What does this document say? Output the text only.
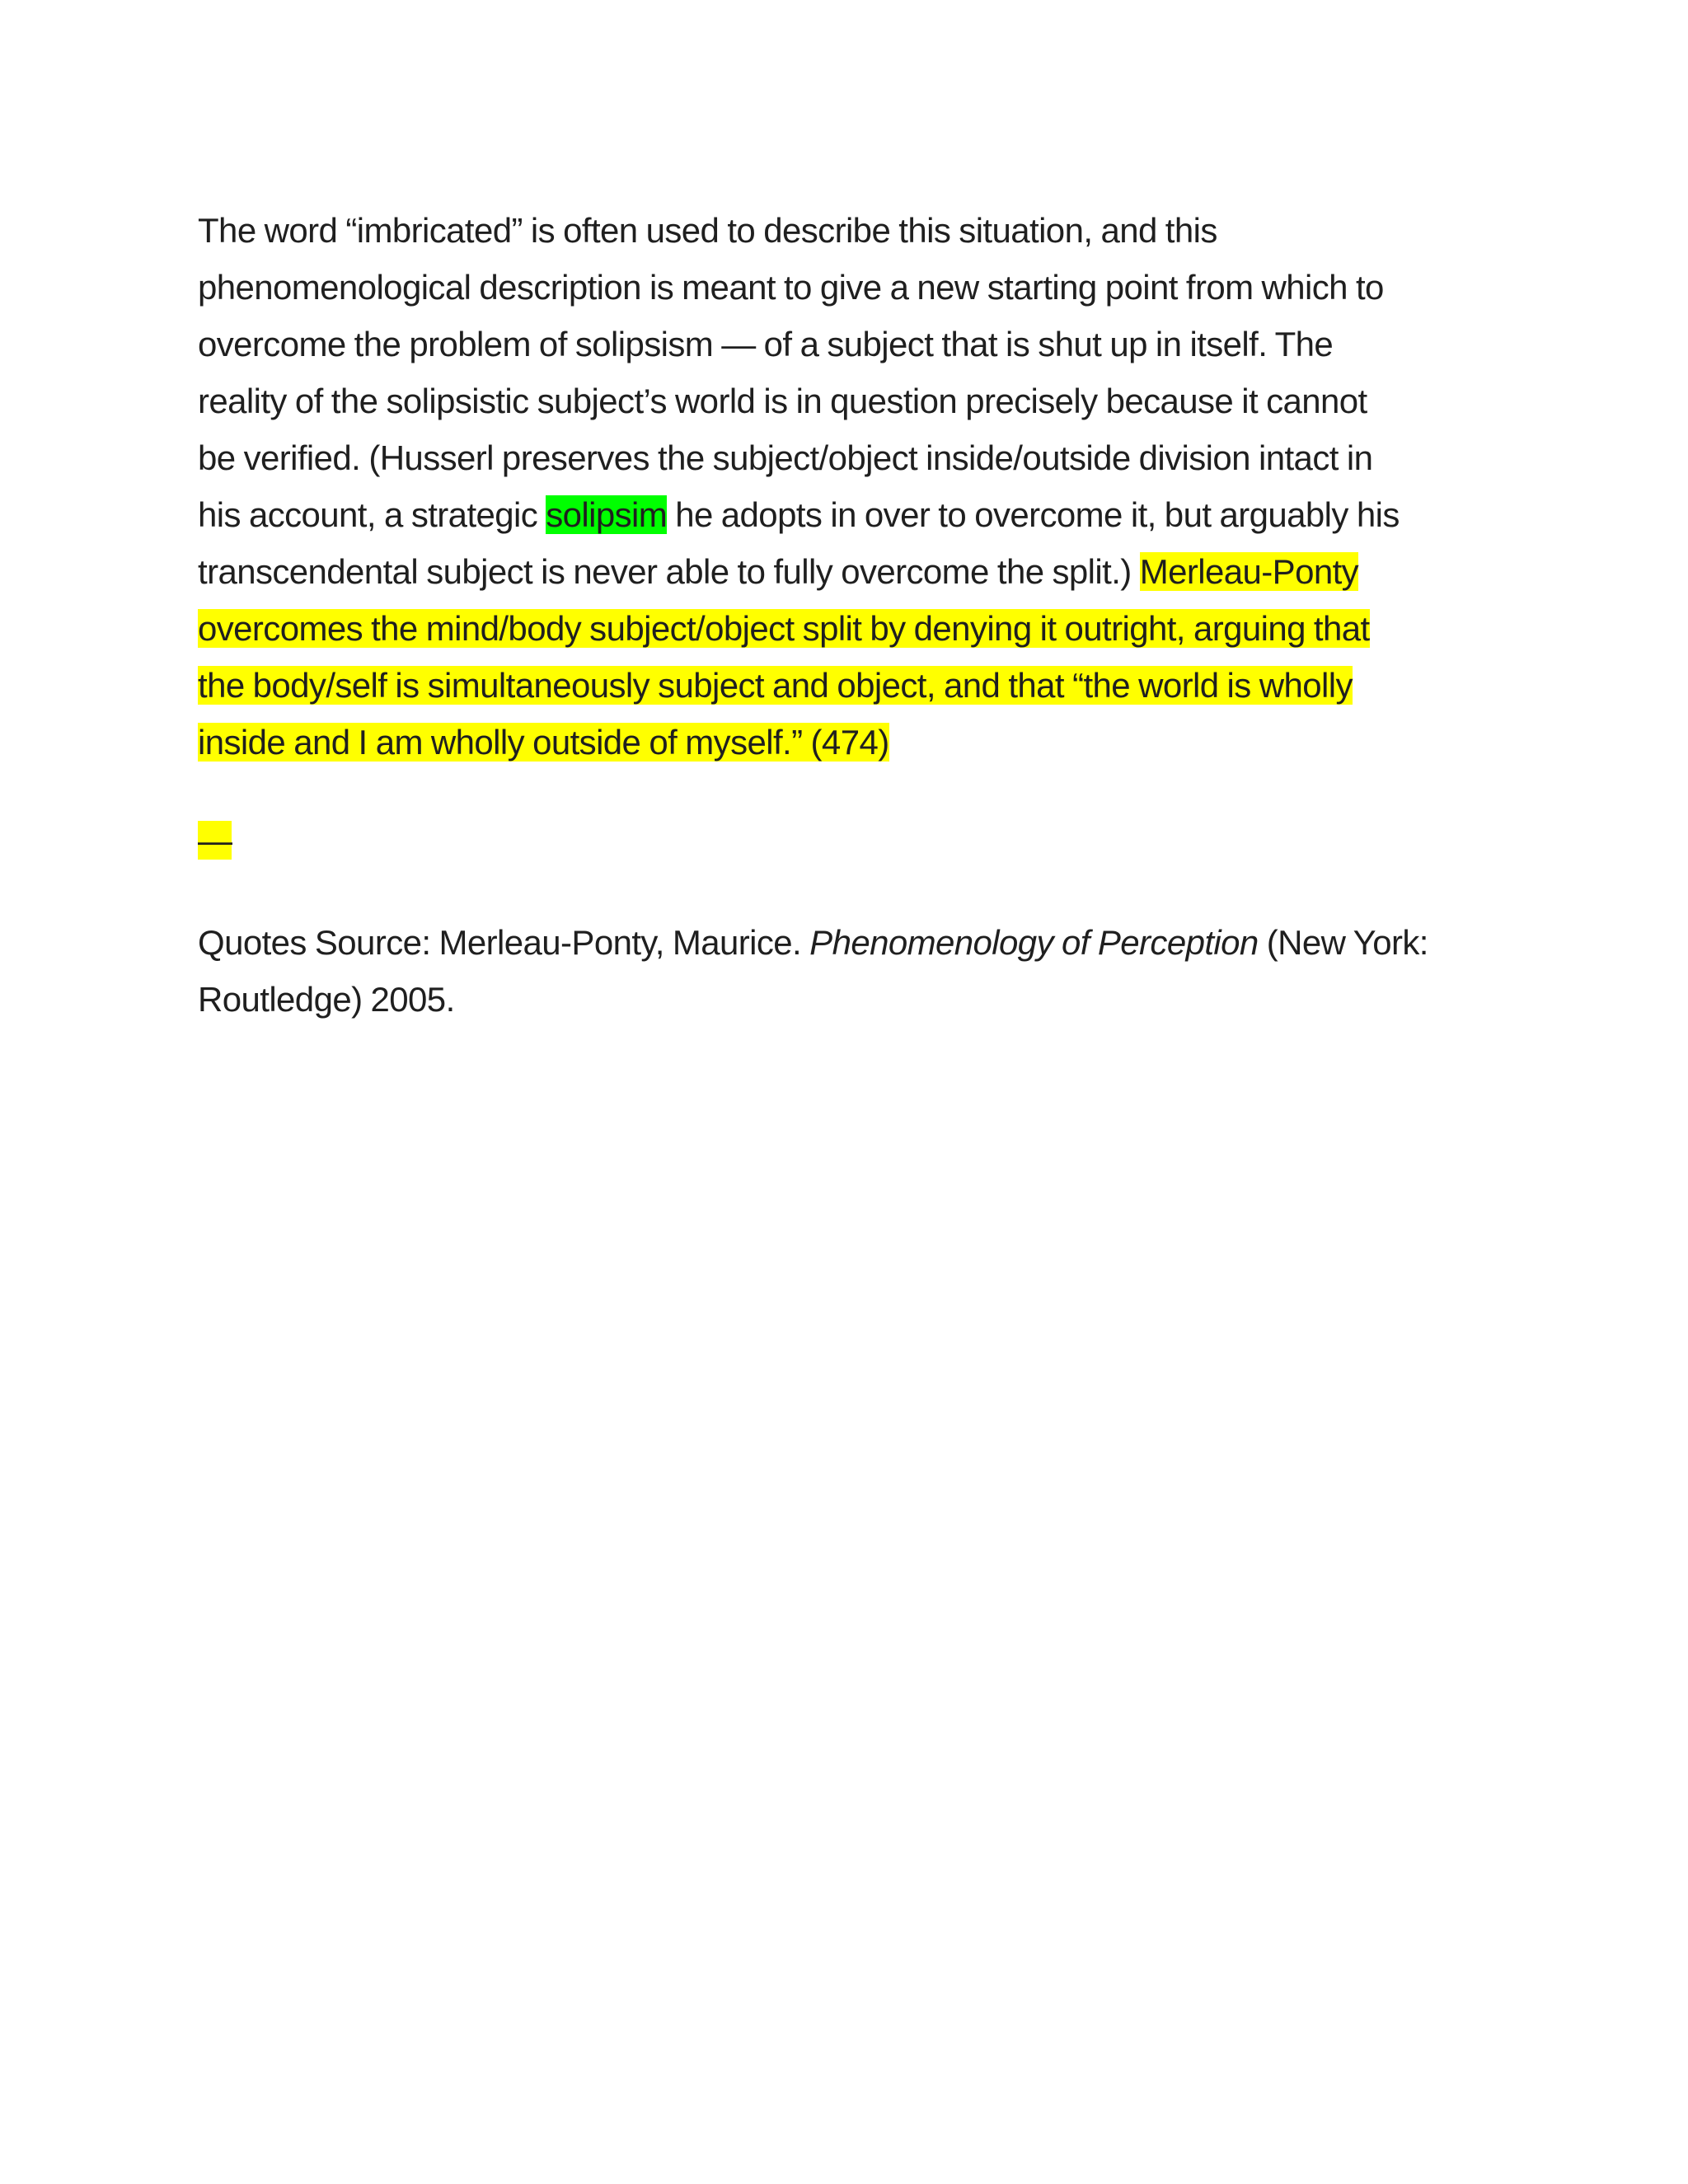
The word “imbricated” is often used to describe this situation, and this
phenomenological description is meant to give a new starting point from which to
overcome the problem of solipsism — of a subject that is shut up in itself. The
reality of the solipsistic subject’s world is in question precisely because it cannot
be verified. (Husserl preserves the subject/object inside/outside division intact in
his account, a strategic solipsim he adopts in over to overcome it, but arguably his
transcendental subject is never able to fully overcome the split.) Merleau-Ponty
overcomes the mind/body subject/object split by denying it outright, arguing that
the body/self is simultaneously subject and object, and that “the world is wholly
inside and I am wholly outside of myself.” (474)
—
Quotes Source: Merleau-Ponty, Maurice. Phenomenology of Perception (New York:
Routledge) 2005.
